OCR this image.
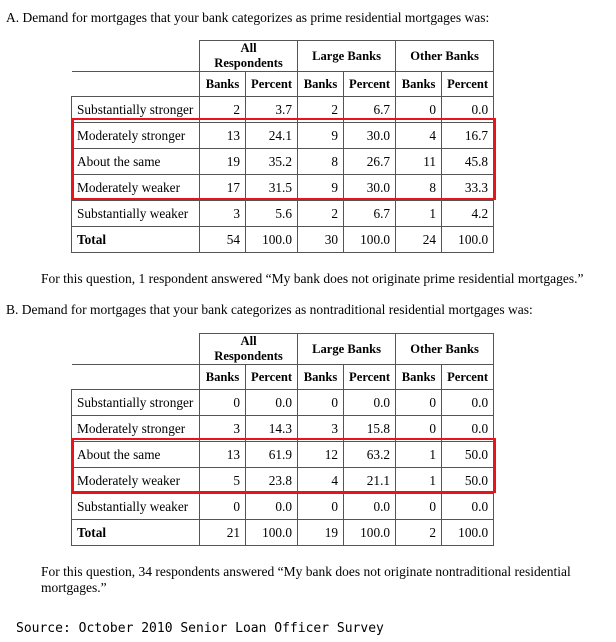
A. Demand for mortgages that your bank categorizes as prime residential mortgages was:
	All Respondents		Large Banks		Other Banks	
	Banks	Percent	Banks	Percent	Banks	Percent
Substantially stronger	2	3.7	2	6.7	0	0.0
Moderately stronger	13	24.1	9	30.0	4	16.7
About the same	19	35.2	8	26.7	11	45.8
Moderately weaker	17	31.5	9	30.0	8	33.3
Substantially weaker	3	5.6	2	6.7	1	4.2
Total	54	100.0	30	100.0	24	100.0
For this question, 1 respondent answered “My bank does not originate prime residential mortgages.”
B. Demand for mortgages that your bank categorizes as nontraditional residential mortgages was:
	All Respondents		Large Banks		Other Banks	
	Banks	Percent	Banks	Percent	Banks	Percent
Substantially stronger	0	0.0	0	0.0	0	0.0
Moderately stronger	3	14.3	3	15.8	0	0.0
About the same	13	61.9	12	63.2	1	50.0
Moderately weaker	5	23.8	4	21.1	1	50.0
Substantially weaker	0	0.0	0	0.0	0	0.0
Total	21	100.0	19	100.0	2	100.0
For this question, 34 respondents answered “My bank does not originate nontraditional residential mortgages.”
Source: October 2010 Senior Loan Officer Survey
